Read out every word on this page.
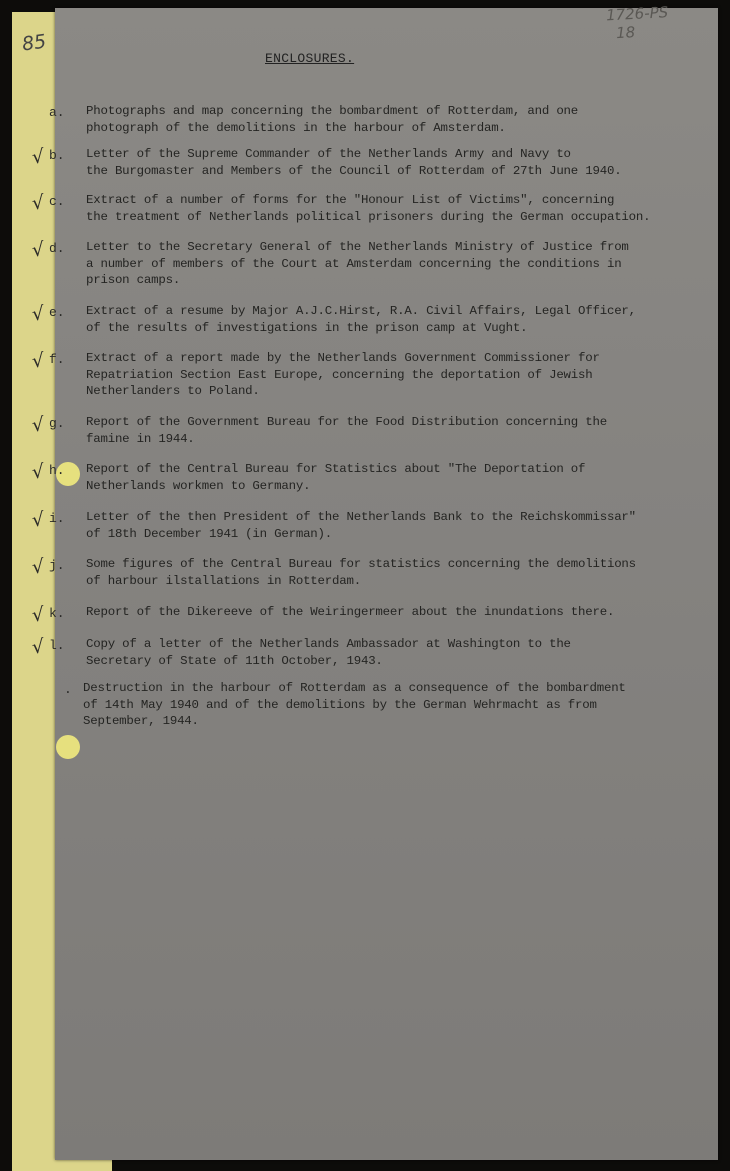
85
1726-PS
18
ENCLOSURES.
a. Photographs and map concerning the bombardment of Rotterdam, and one
photograph of the demolitions in the harbour of Amsterdam.
√ b. Letter of the Supreme Commander of the Netherlands Army and Navy to
the Burgomaster and Members of the Council of Rotterdam of 27th June 1940.
√ c. Extract of a number of forms for the "Honour List of Victims", concerning
the treatment of Netherlands political prisoners during the German occupation.
√ d. Letter to the Secretary General of the Netherlands Ministry of Justice from
a number of members of the Court at Amsterdam concerning the conditions in
prison camps.
√ e. Extract of a resume by Major A.J.C.Hirst, R.A. Civil Affairs, Legal Officer,
of the results of investigations in the prison camp at Vught.
√ f. Extract of a report made by the Netherlands Government Commissioner for
Repatriation Section East Europe, concerning the deportation of Jewish
Netherlanders to Poland.
√ g. Report of the Government Bureau for the Food Distribution concerning the
famine in 1944.
√ h. Report of the Central Bureau for Statistics about "The Deportation of
Netherlands workmen to Germany.
√ i. Letter of the then President of the Netherlands Bank to the Reichskommissar"
of 18th December 1941 (in German).
√ j. Some figures of the Central Bureau for statistics concerning the demolitions
of harbour ilstallations in Rotterdam.
√ k. Report of the Dikereeve of the Weiringermeer about the inundations there.
√ l. Copy of a letter of the Netherlands Ambassador at Washington to the
Secretary of State of 11th October, 1943.
. Destruction in the harbour of Rotterdam as a consequence of the bombardment
of 14th May 1940 and of the demolitions by the German Wehrmacht as from
September, 1944.
